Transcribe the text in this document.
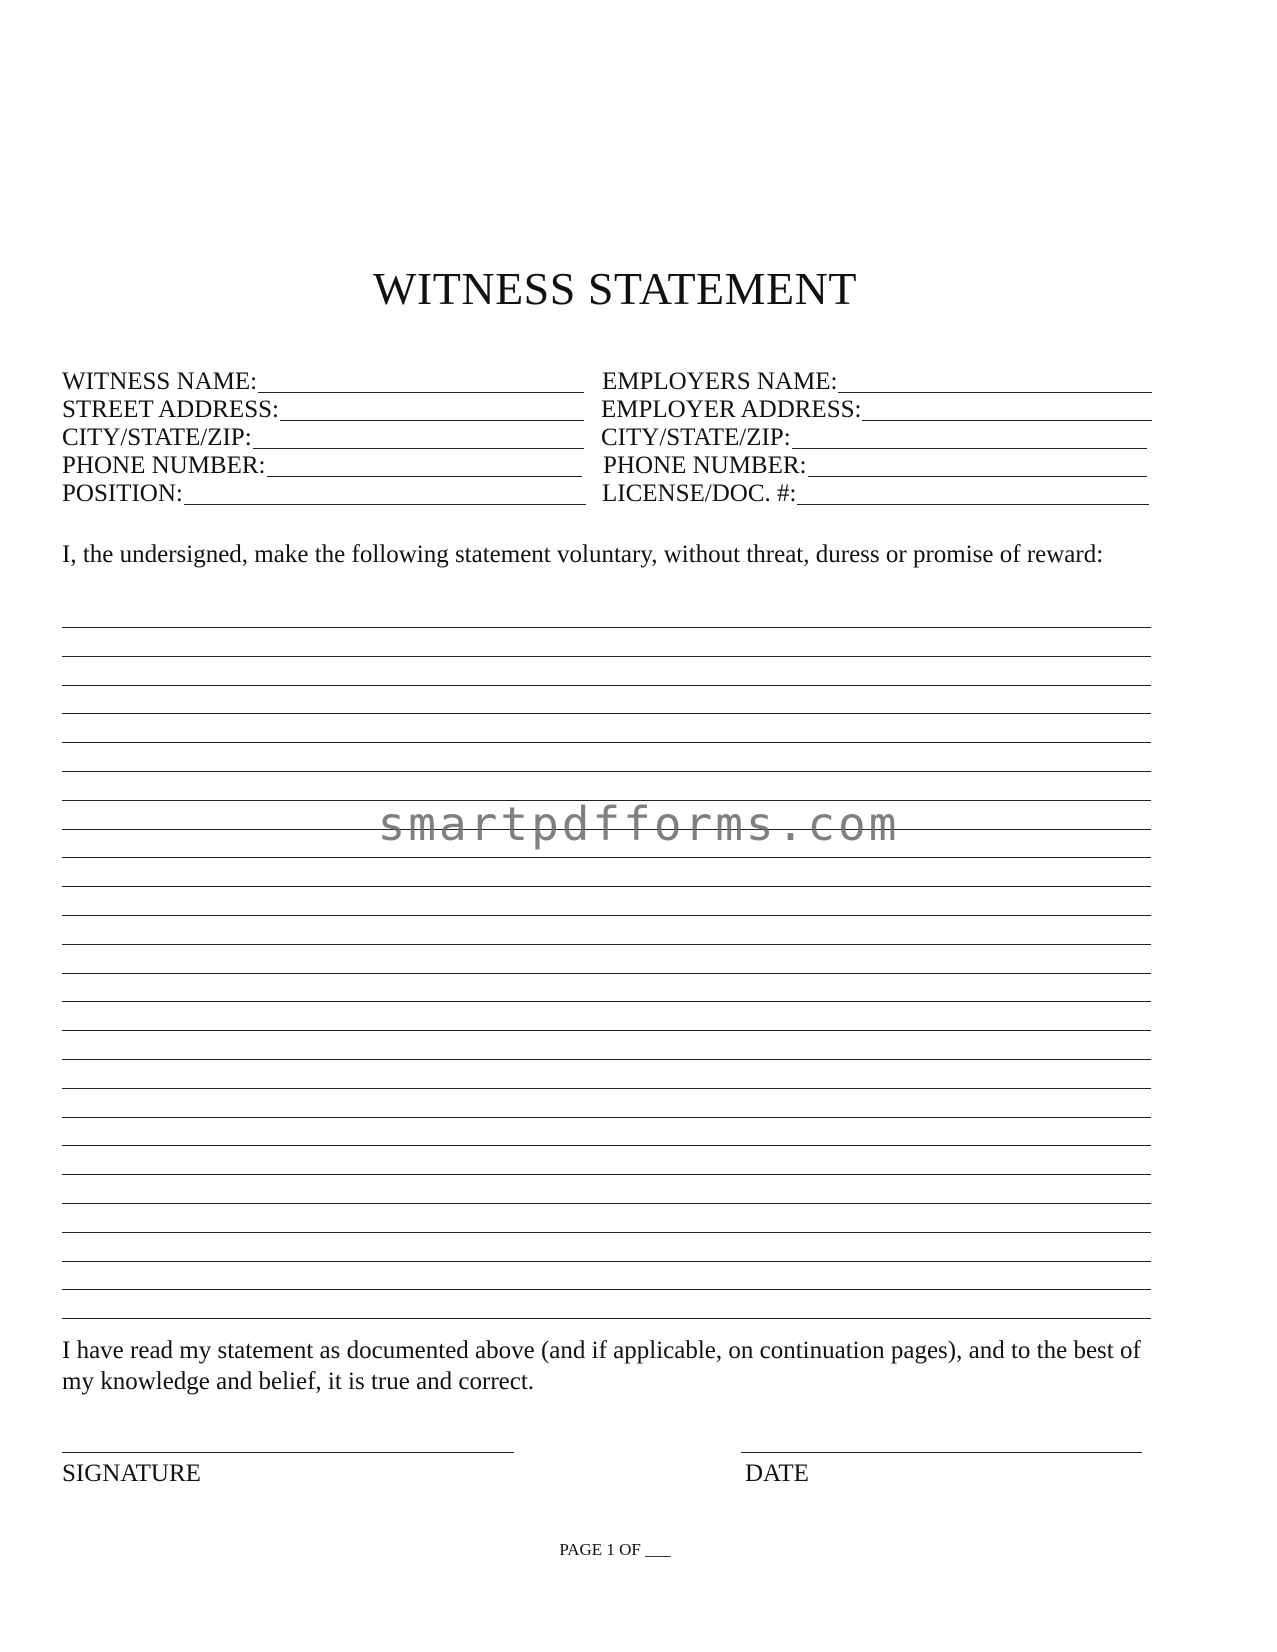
WITNESS STATEMENT
WITNESS NAME:
STREET ADDRESS:
CITY/STATE/ZIP:
PHONE NUMBER:
POSITION:
EMPLOYERS NAME:
EMPLOYER ADDRESS:
CITY/STATE/ZIP:
PHONE NUMBER:
LICENSE/DOC. #:

I, the undersigned, make the following statement voluntary, without threat, duress or promise of reward:

smartpdfforms.com

I have read my statement as documented above (and if applicable, on continuation pages), and to the best of my knowledge and belief, it is true and correct.

SIGNATURE	DATE
PAGE 1 OF ___
